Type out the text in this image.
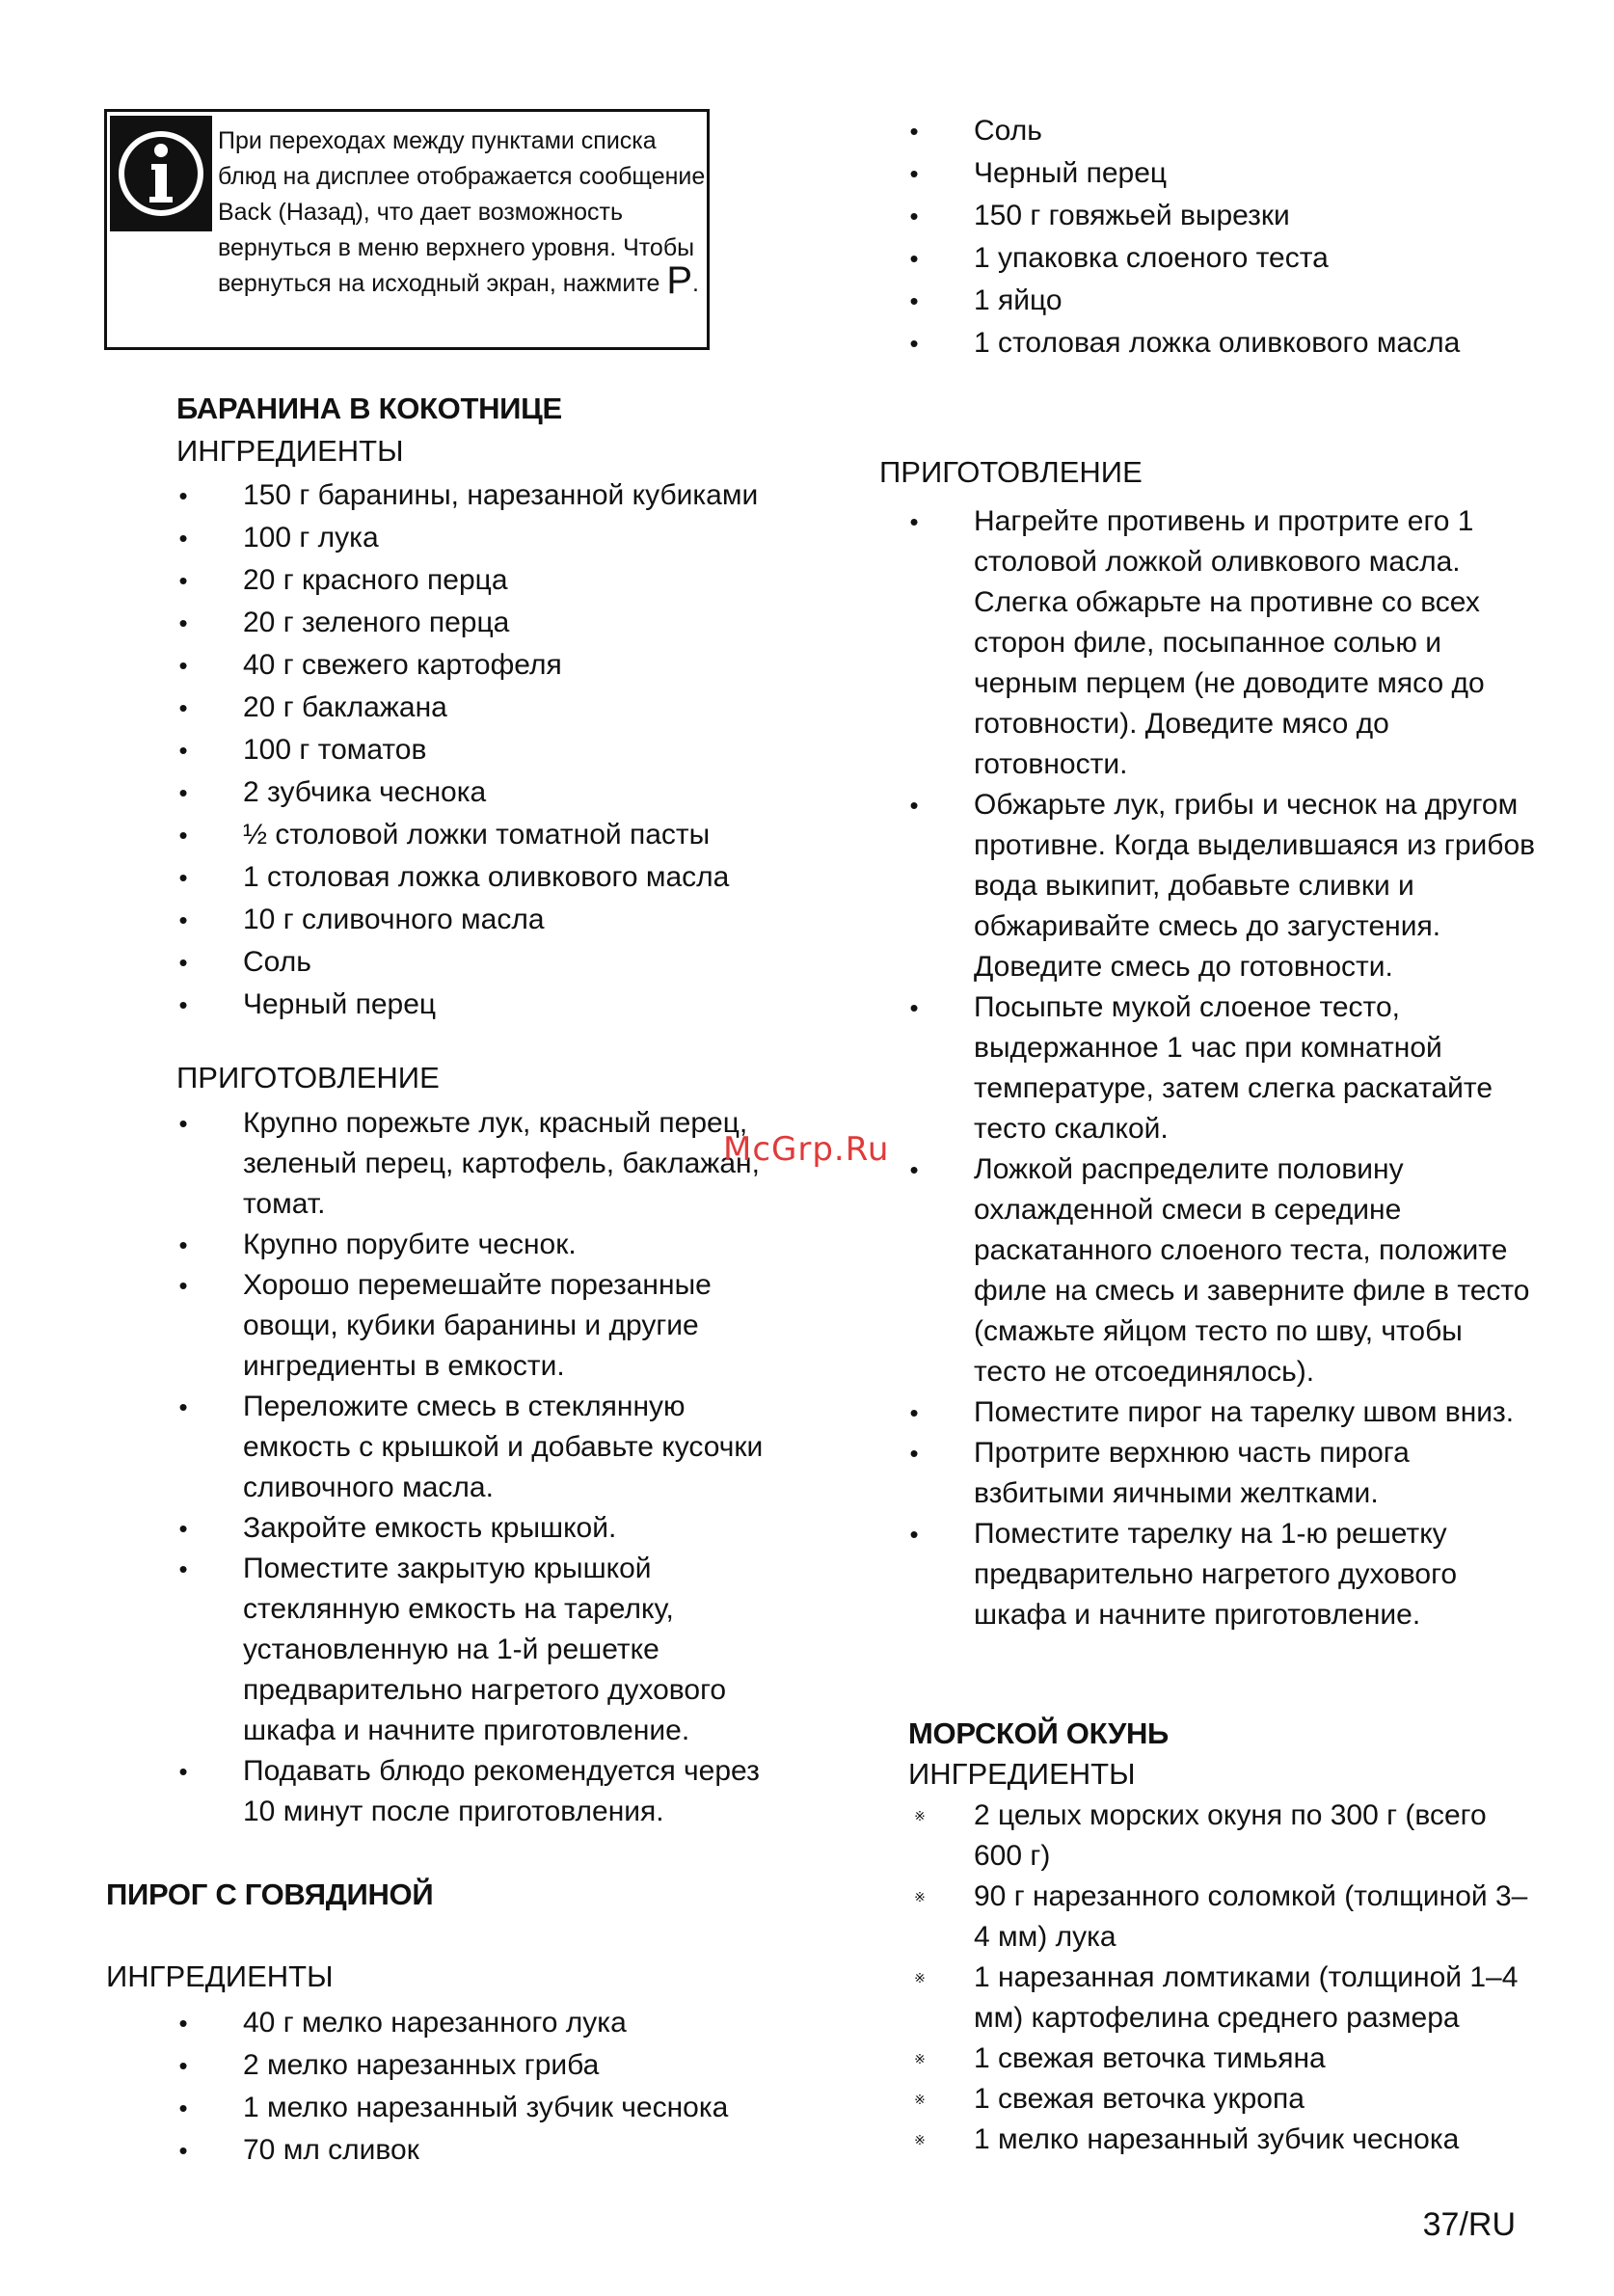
При переходах между пунктами списка блюд на дисплее отображается сообщение Back (Назад), что дает возможность вернуться в меню верхнего уровня. Чтобы вернуться на исходный экран, нажмите P.
БАРАНИНА В КОКОТНИЦЕ
ИНГРЕДИЕНТЫ
• 150 г баранины, нарезанной кубиками
• 100 г лука
• 20 г красного перца
• 20 г зеленого перца
• 40 г свежего картофеля
• 20 г баклажана
• 100 г томатов
• 2 зубчика чеснока
• ½ столовой ложки томатной пасты
• 1 столовая ложка оливкового масла
• 10 г сливочного масла
• Соль
• Черный перец
ПРИГОТОВЛЕНИЕ
• Крупно порежьте лук, красный перец, зеленый перец, картофель, баклажан, томат.
• Крупно порубите чеснок.
• Хорошо перемешайте порезанные овощи, кубики баранины и другие ингредиенты в емкости.
• Переложите смесь в стеклянную емкость с крышкой и добавьте кусочки сливочного масла.
• Закройте емкость крышкой.
• Поместите закрытую крышкой стеклянную емкость на тарелку, установленную на 1-й решетке предварительно нагретого духового шкафа и начните приготовление.
• Подавать блюдо рекомендуется через 10 минут после приготовления.
ПИРОГ С ГОВЯДИНОЙ
ИНГРЕДИЕНТЫ
• 40 г мелко нарезанного лука
• 2 мелко нарезанных гриба
• 1 мелко нарезанный зубчик чеснока
• 70 мл сливок
• Соль
• Черный перец
• 150 г говяжьей вырезки
• 1 упаковка слоеного теста
• 1 яйцо
• 1 столовая ложка оливкового масла
ПРИГОТОВЛЕНИЕ
• Нагрейте противень и протрите его 1 столовой ложкой оливкового масла. Слегка обжарьте на противне со всех сторон филе, посыпанное солью и черным перцем (не доводите мясо до готовности). Доведите мясо до готовности.
• Обжарьте лук, грибы и чеснок на другом противне. Когда выделившаяся из грибов вода выкипит, добавьте сливки и обжаривайте смесь до загустения. Доведите смесь до готовности.
• Посыпьте мукой слоеное тесто, выдержанное 1 час при комнатной температуре, затем слегка раскатайте тесто скалкой.
• Ложкой распределите половину охлажденной смеси в середине раскатанного слоеного теста, положите филе на смесь и заверните филе в тесто (смажьте яйцом тесто по шву, чтобы тесто не отсоединялось).
• Поместите пирог на тарелку швом вниз.
• Протрите верхнюю часть пирога взбитыми яичными желтками.
• Поместите тарелку на 1-ю решетку предварительно нагретого духового шкафа и начните приготовление.
МОРСКОЙ ОКУНЬ
ИНГРЕДИЕНТЫ
※ 2 целых морских окуня по 300 г (всего 600 г)
※ 90 г нарезанного соломкой (толщиной 3–4 мм) лука
※ 1 нарезанная ломтиками (толщиной 1–4 мм) картофелина среднего размера
※ 1 свежая веточка тимьяна
※ 1 свежая веточка укропа
※ 1 мелко нарезанный зубчик чеснока
McGrp.Ru
37/RU
